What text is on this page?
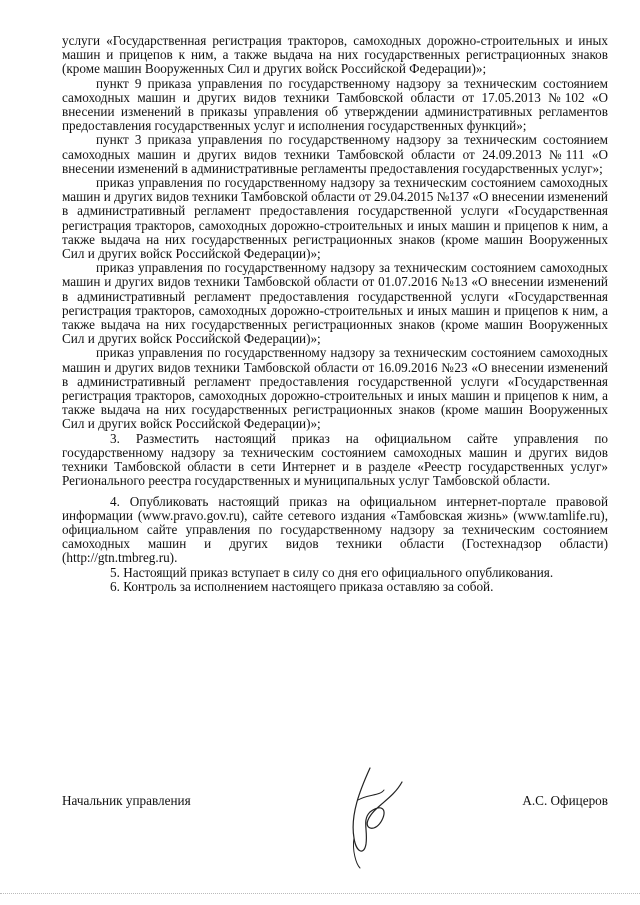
услуги «Государственная регистрация тракторов, самоходных дорожно-строительных и иных машин и прицепов к ним, а также выдача на них государственных регистрационных знаков (кроме машин Вооруженных Сил и других войск Российской Федерации)»;

пункт 9 приказа управления по государственному надзору за техническим состоянием самоходных машин и других видов техники Тамбовской области от 17.05.2013 №102 «О внесении изменений в приказы управления об утверждении административных регламентов предоставления государственных услуг и исполнения государственных функций»;

пункт 3 приказа управления по государственному надзору за техническим состоянием самоходных машин и других видов техники Тамбовской области от 24.09.2013 №111 «О внесении изменений в административные регламенты предоставления государственных услуг»;

приказ управления по государственному надзору за техническим состоянием самоходных машин и других видов техники Тамбовской области от 29.04.2015 №137 «О внесении изменений в административный регламент предоставления государственной услуги «Государственная регистрация тракторов, самоходных дорожно-строительных и иных машин и прицепов к ним, а также выдача на них государственных регистрационных знаков (кроме машин Вооруженных Сил и других войск Российской Федерации)»;

приказ управления по государственному надзору за техническим состоянием самоходных машин и других видов техники Тамбовской области от 01.07.2016 №13 «О внесении изменений в административный регламент предоставления государственной услуги «Государственная регистрация тракторов, самоходных дорожно-строительных и иных машин и прицепов к ним, а также выдача на них государственных регистрационных знаков (кроме машин Вооруженных Сил и других войск Российской Федерации)»;

приказ управления по государственному надзору за техническим состоянием самоходных машин и других видов техники Тамбовской области от 16.09.2016 №23 «О внесении изменений в административный регламент предоставления государственной услуги «Государственная регистрация тракторов, самоходных дорожно-строительных и иных машин и прицепов к ним, а также выдача на них государственных регистрационных знаков (кроме машин Вооруженных Сил и других войск Российской Федерации)»;

3. Разместить настоящий приказ на официальном сайте управления по государственному надзору за техническим состоянием самоходных машин и других видов техники Тамбовской области в сети Интернет и в разделе «Реестр государственных услуг» Регионального реестра государственных и муниципальных услуг Тамбовской области.

4. Опубликовать настоящий приказ на официальном интернет-портале правовой информации (www.pravo.gov.ru), сайте сетевого издания «Тамбовская жизнь» (www.tamlife.ru), официальном сайте управления по государственному надзору за техническим состоянием самоходных машин и других видов техники области (Гостехнадзор области) (http://gtn.tmbreg.ru).

5. Настоящий приказ вступает в силу со дня его официального опубликования.

6. Контроль за исполнением настоящего приказа оставляю за собой.

Начальник управления	А.С. Офицеров
